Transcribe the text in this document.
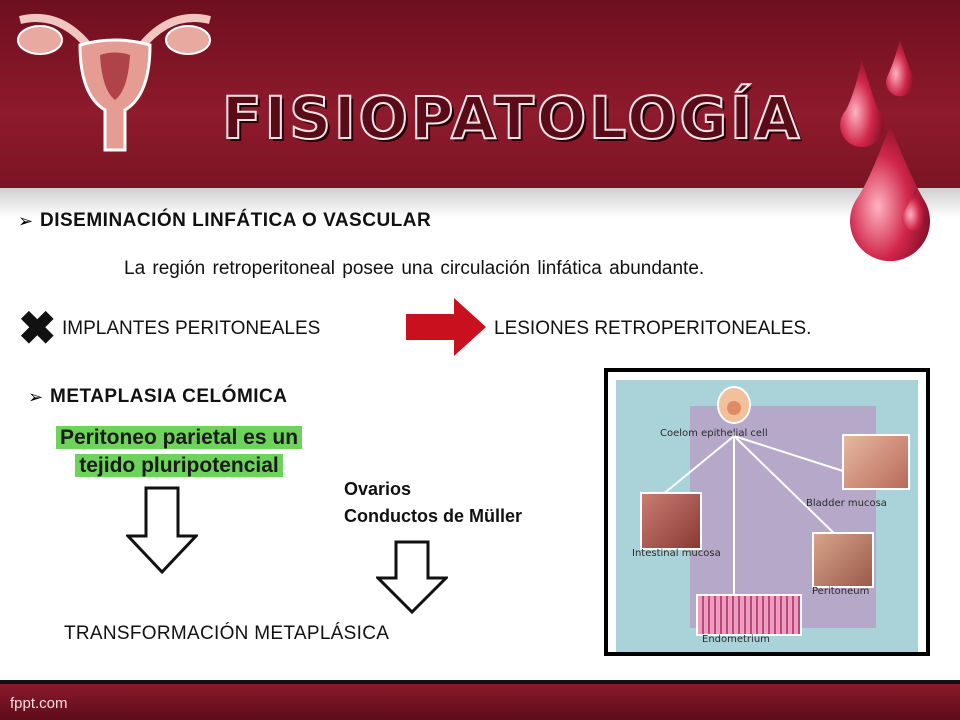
FISIOPATOLOGÍA
➢ DISEMINACIÓN LINFÁTICA O VASCULAR
La región retroperitoneal posee una circulación linfática abundante.
✖ IMPLANTES PERITONEALES	LESIONES RETROPERITONEALES.
➢ METAPLASIA CELÓMICA
Peritoneo parietal es un
tejido pluripotencial
Ovarios
Conductos de Müller
TRANSFORMACIÓN METAPLÁSICA
Coelom epithelial cell
Bladder mucosa
Intestinal mucosa
Peritoneum
Endometrium
fppt.com
